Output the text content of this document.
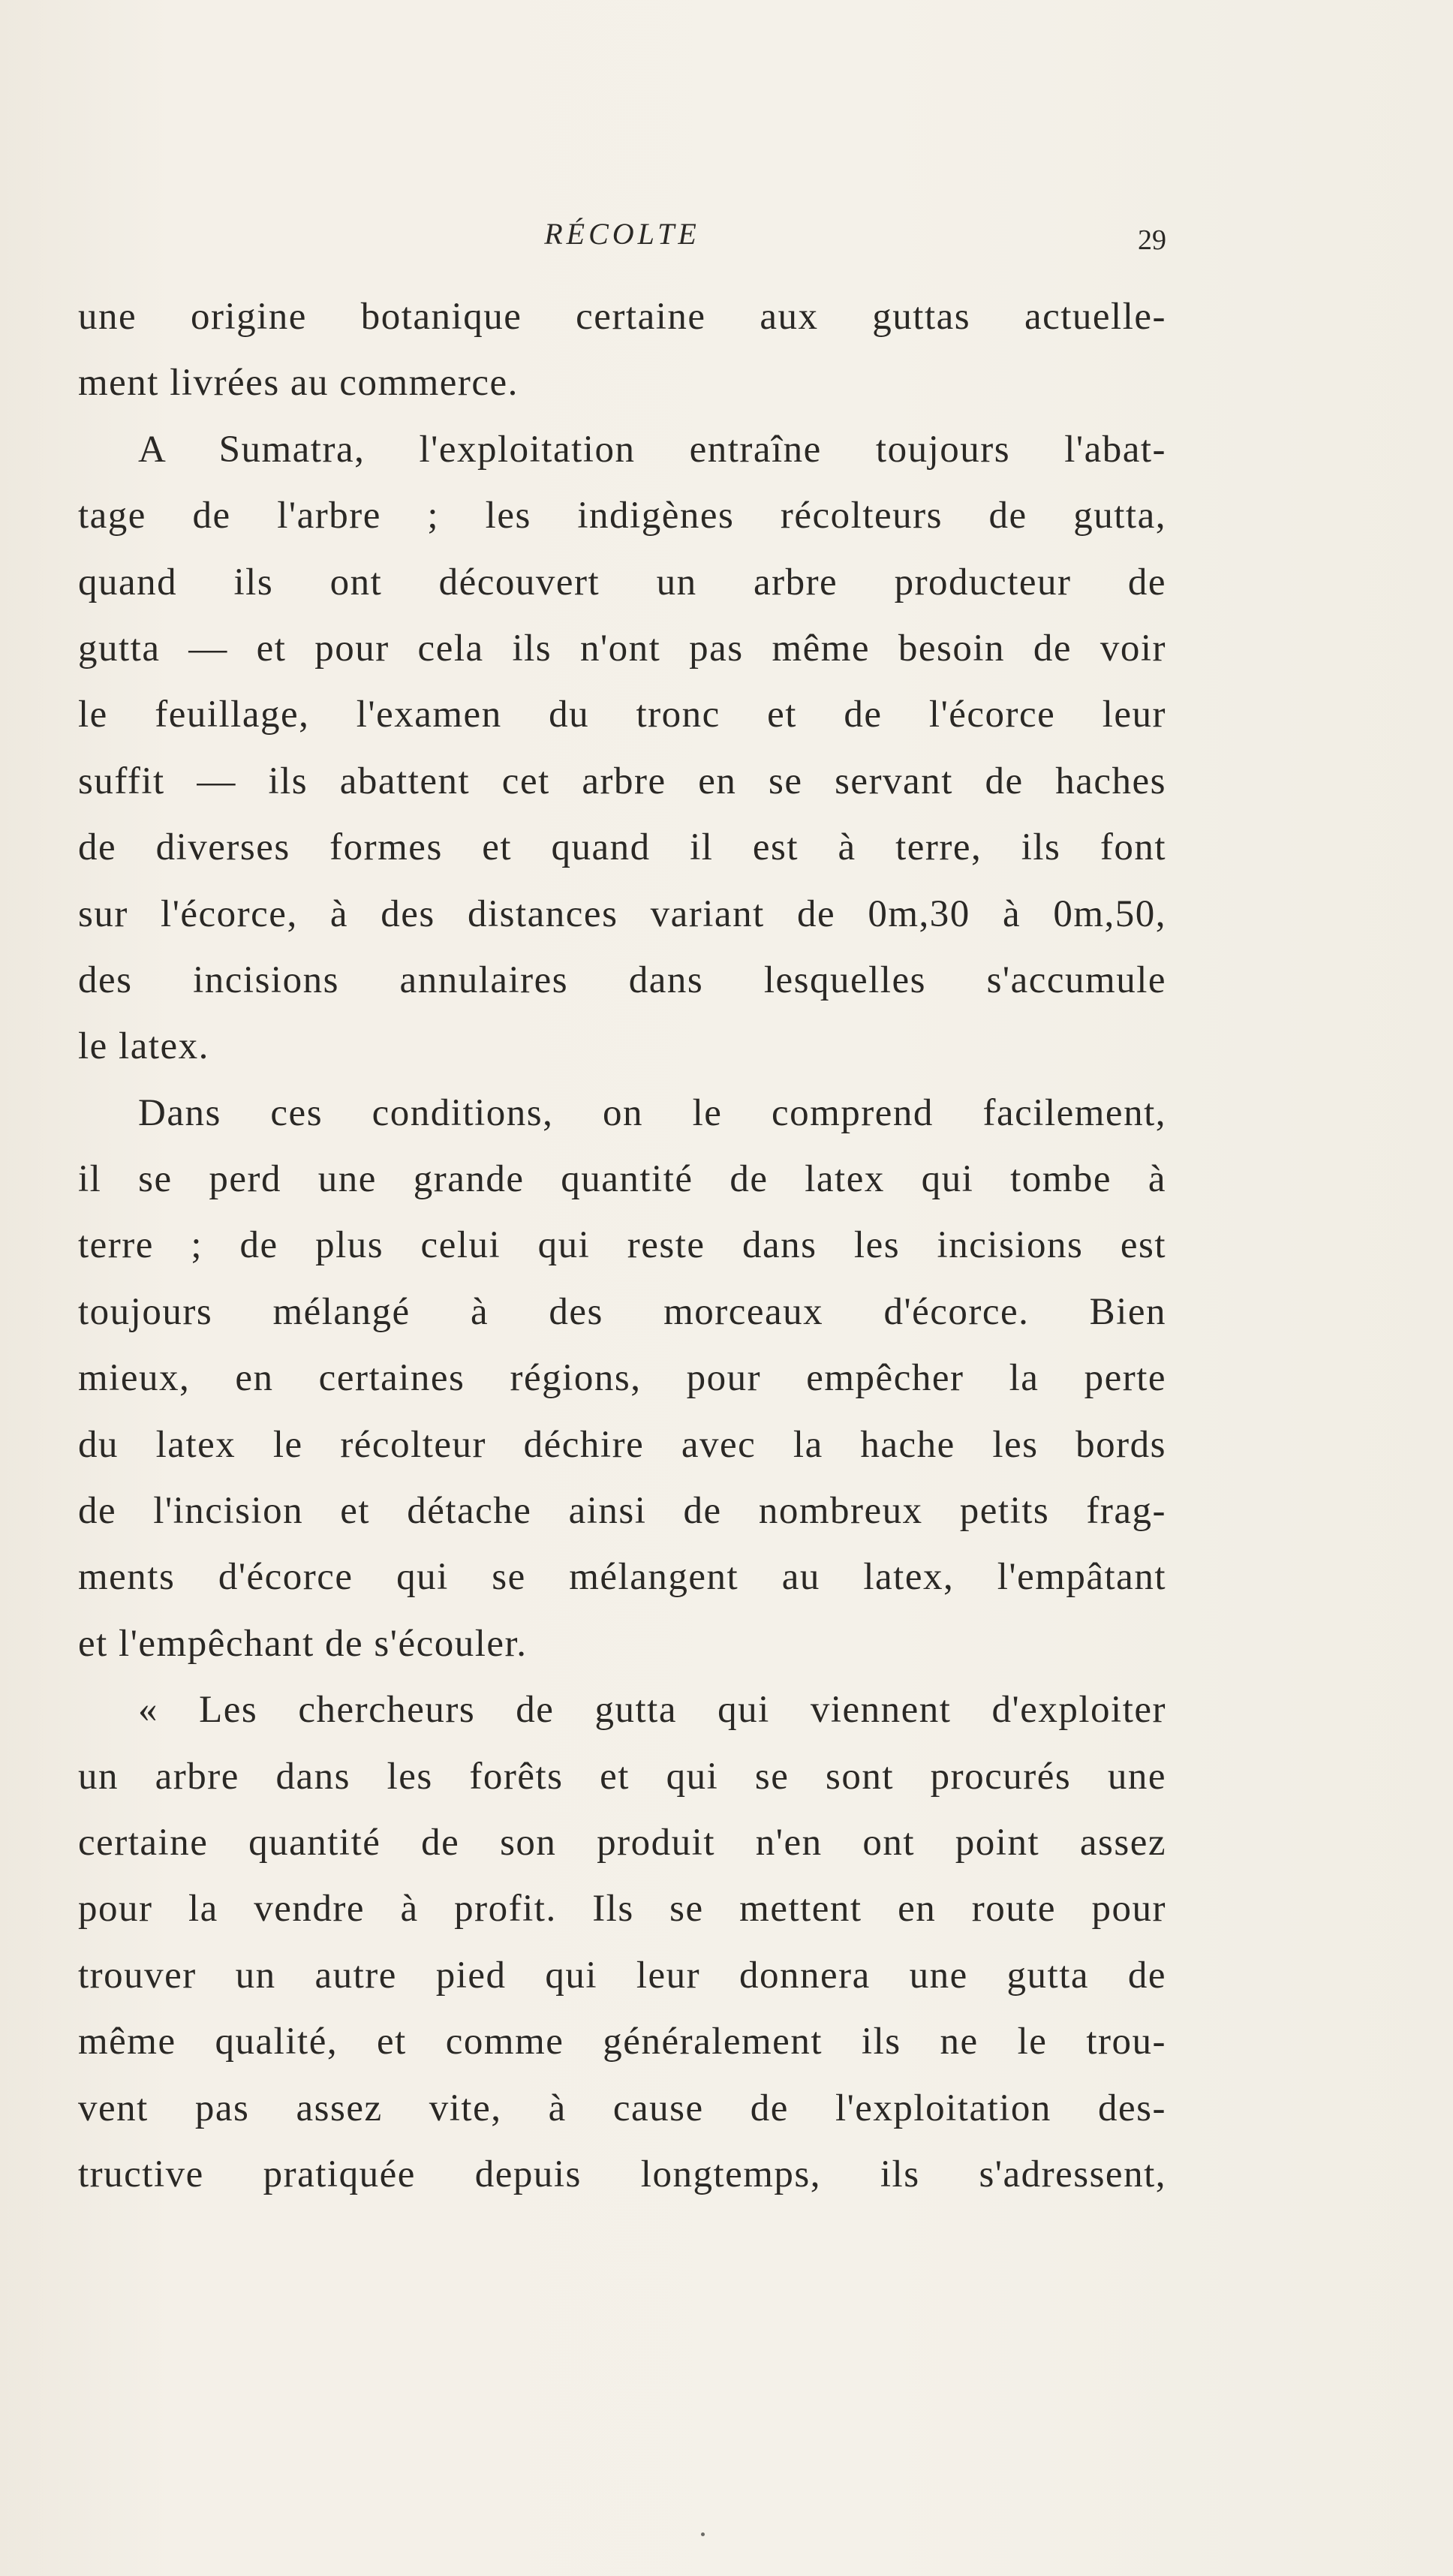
RÉCOLTE	29
une origine botanique certaine aux guttas actuelle-
ment livrées au commerce.
A Sumatra, l'exploitation entraîne toujours l'abat-
tage de l'arbre ; les indigènes récolteurs de gutta,
quand ils ont découvert un arbre producteur de
gutta — et pour cela ils n'ont pas même besoin de voir
le feuillage, l'examen du tronc et de l'écorce leur
suffit — ils abattent cet arbre en se servant de haches
de diverses formes et quand il est à terre, ils font
sur l'écorce, à des distances variant de 0m,30 à 0m,50,
des incisions annulaires dans lesquelles s'accumule
le latex.
Dans ces conditions, on le comprend facilement,
il se perd une grande quantité de latex qui tombe à
terre ; de plus celui qui reste dans les incisions est
toujours mélangé à des morceaux d'écorce. Bien
mieux, en certaines régions, pour empêcher la perte
du latex le récolteur déchire avec la hache les bords
de l'incision et détache ainsi de nombreux petits frag-
ments d'écorce qui se mélangent au latex, l'empâtant
et l'empêchant de s'écouler.
« Les chercheurs de gutta qui viennent d'exploiter
un arbre dans les forêts et qui se sont procurés une
certaine quantité de son produit n'en ont point assez
pour la vendre à profit. Ils se mettent en route pour
trouver un autre pied qui leur donnera une gutta de
même qualité, et comme généralement ils ne le trou-
vent pas assez vite, à cause de l'exploitation des-
tructive pratiquée depuis longtemps, ils s'adressent,
